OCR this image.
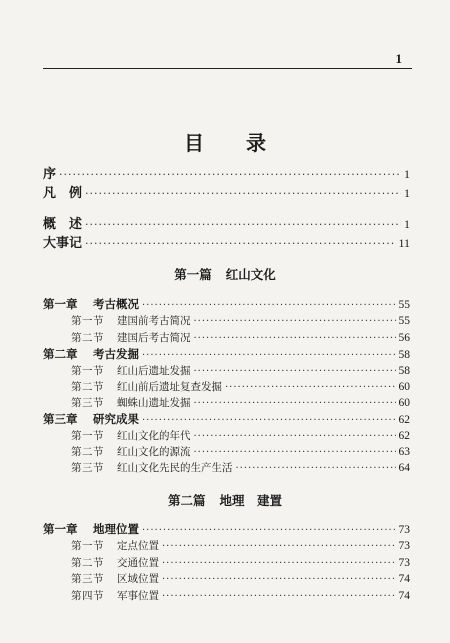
1
目 录
序 ·····	1
凡　例 ·····	1
概　述 ·····	1
大事记 ·····	11
第一篇 红山文化
第一章 考古概况 ·····	55
第一节 建国前考古简况 ·····	55
第二节 建国后考古简况 ·····	56
第二章 考古发掘 ·····	58
第一节 红山后遗址发掘 ·····	58
第二节 红山前后遗址复查发掘 ·····	60
第三节 蜘蛛山遗址发掘 ·····	60
第三章 研究成果 ·····	62
第一节 红山文化的年代 ·····	62
第二节 红山文化的源流 ·····	63
第三节 红山文化先民的生产生活 ·····	64
第二篇 地理　建置
第一章 地理位置 ·····	73
第一节 定点位置 ·····	73
第二节 交通位置 ·····	73
第三节 区域位置 ·····	74
第四节 军事位置 ·····	74
